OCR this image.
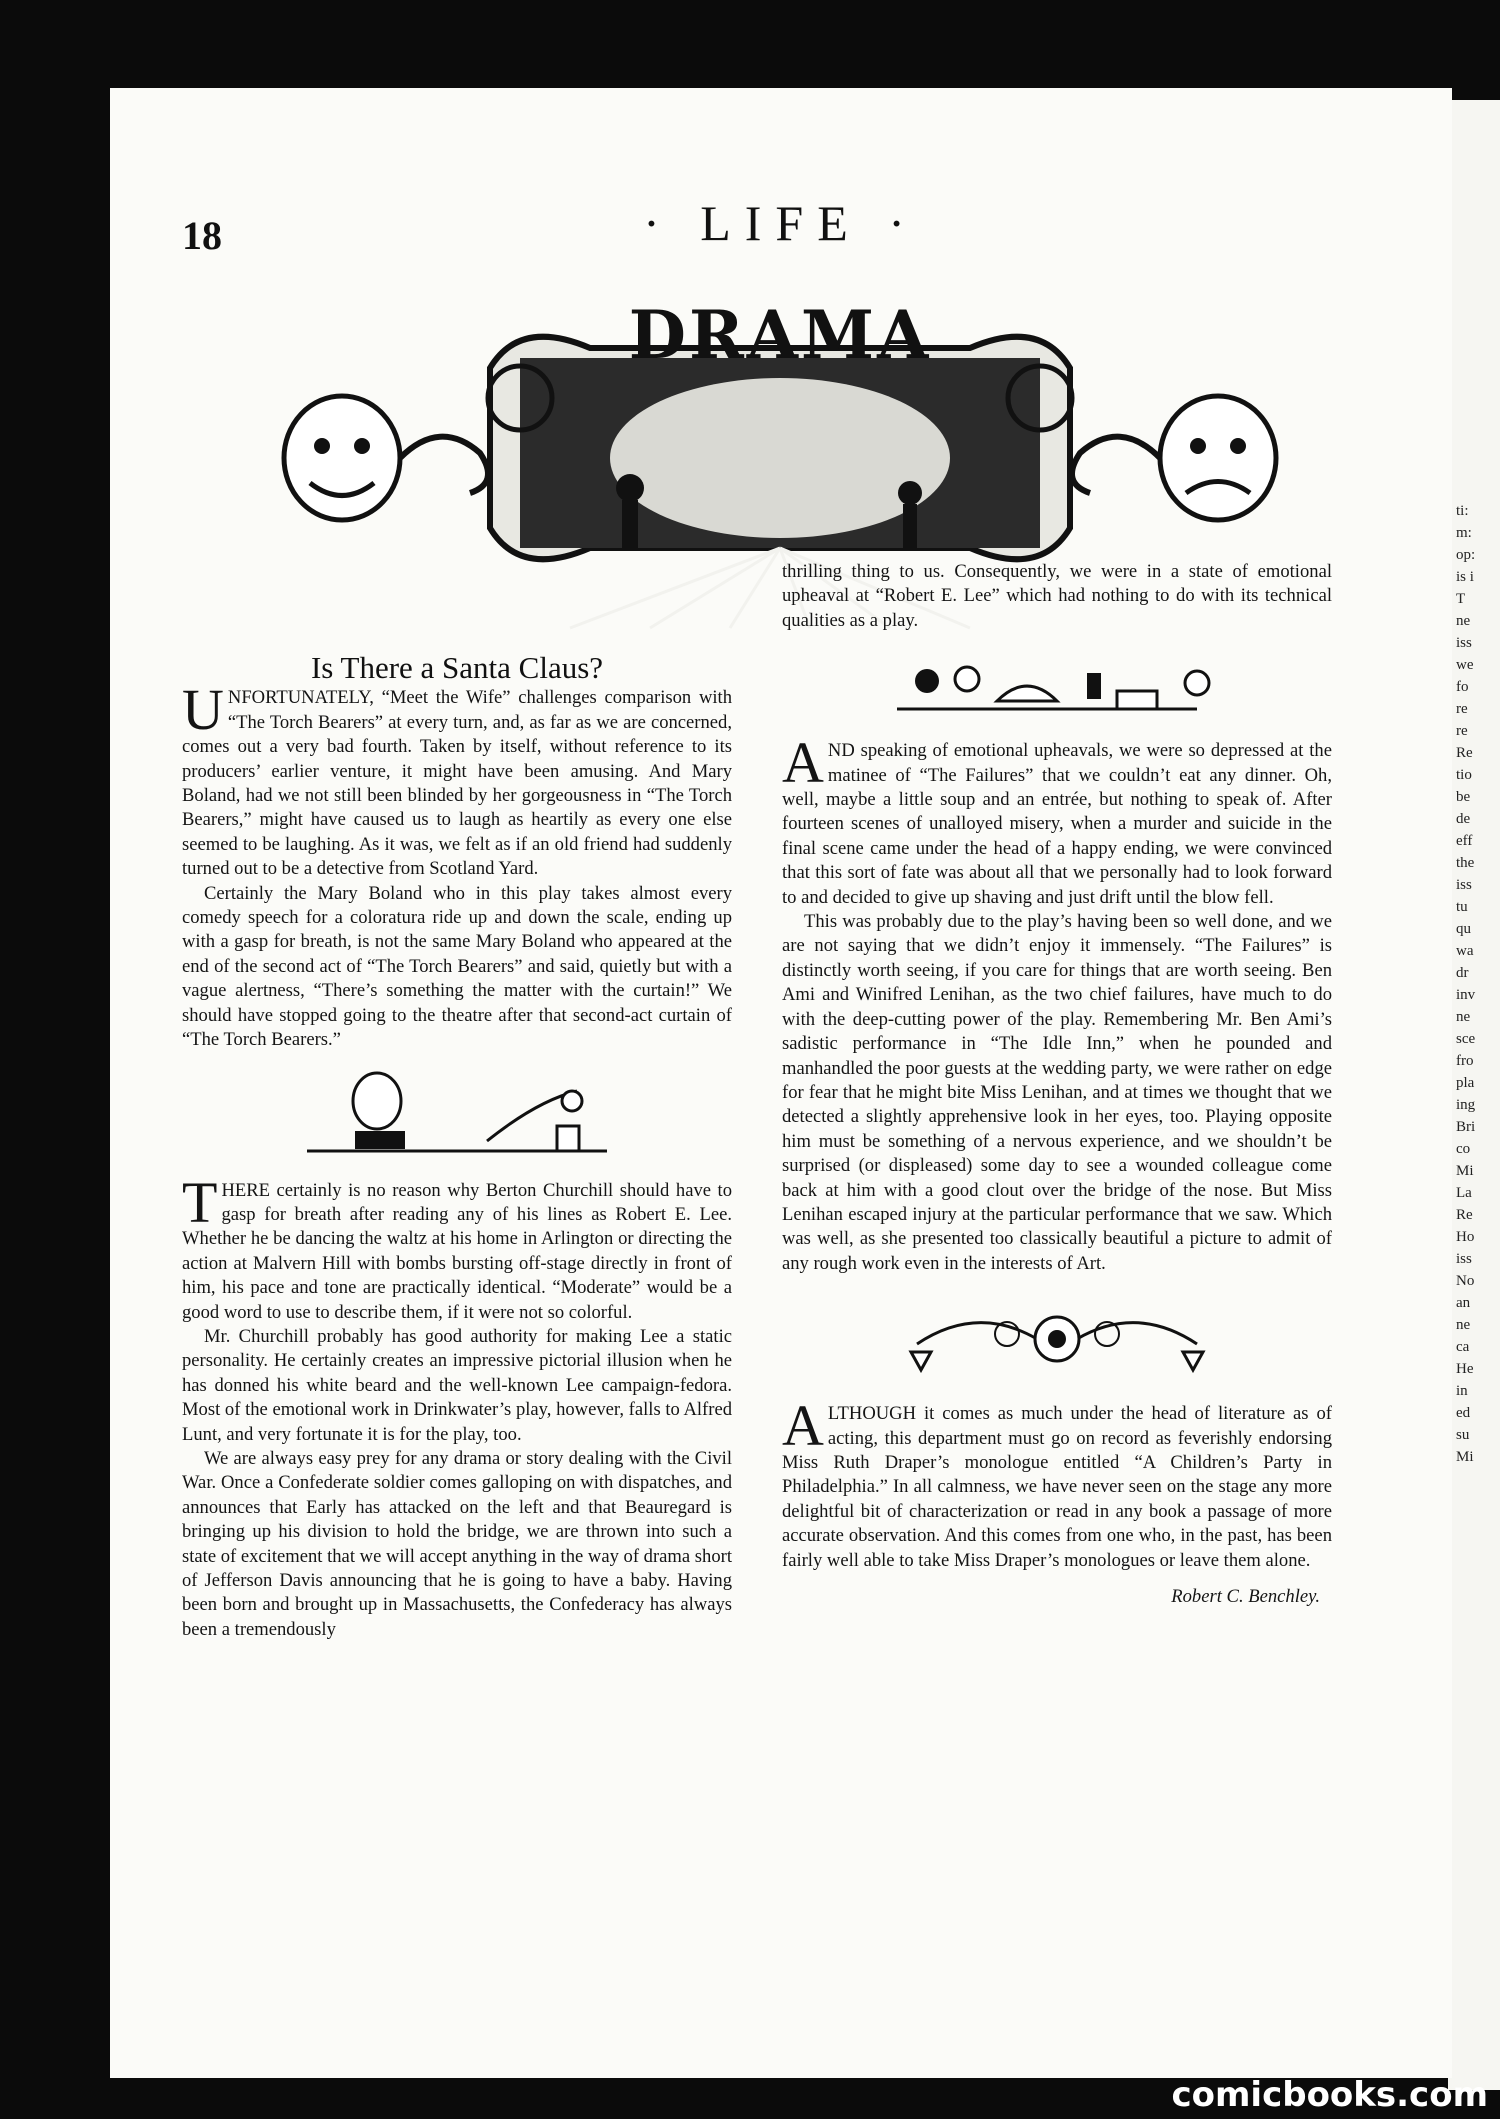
ti:
m:
op:
is i
T
ne
iss
we
fo
re
re
Re
tio
be
de
eff
the
iss
tu
qu
wa
dr
inv
ne
sce
fro
pla
ing
Bri
co
Mi
La
Re
Ho
iss
No
an
ne
ca
He
in
ed
su
Mi
18	· LIFE ·
DRAMA
Is There a Santa Claus?

UNFORTUNATELY, “Meet the Wife” challenges comparison with “The Torch Bearers” at every turn, and, as far as we are concerned, comes out a very bad fourth. Taken by itself, without reference to its producers’ earlier venture, it might have been amusing. And Mary Boland, had we not still been blinded by her gorgeousness in “The Torch Bearers,” might have caused us to laugh as heartily as every one else seemed to be laughing. As it was, we felt as if an old friend had suddenly turned out to be a detective from Scotland Yard.

Certainly the Mary Boland who in this play takes almost every comedy speech for a coloratura ride up and down the scale, ending up with a gasp for breath, is not the same Mary Boland who appeared at the end of the second act of “The Torch Bearers” and said, quietly but with a vague alertness, “There’s something the matter with the curtain!” We should have stopped going to the theatre after that second-act curtain of “The Torch Bearers.”

THERE certainly is no reason why Berton Churchill should have to gasp for breath after reading any of his lines as Robert E. Lee. Whether he be dancing the waltz at his home in Arlington or directing the action at Malvern Hill with bombs bursting off-stage directly in front of him, his pace and tone are practically identical. “Moderate” would be a good word to use to describe them, if it were not so colorful.

Mr. Churchill probably has good authority for making Lee a static personality. He certainly creates an impressive pictorial illusion when he has donned his white beard and the well-known Lee campaign-fedora. Most of the emotional work in Drinkwater’s play, however, falls to Alfred Lunt, and very fortunate it is for the play, too.

We are always easy prey for any drama or story dealing with the Civil War. Once a Confederate soldier comes galloping on with dispatches, and announces that Early has attacked on the left and that Beauregard is bringing up his division to hold the bridge, we are thrown into such a state of excitement that we will accept anything in the way of drama short of Jefferson Davis announcing that he is going to have a baby. Having been born and brought up in Massachusetts, the Confederacy has always been a tremendously

thrilling thing to us. Consequently, we were in a state of emotional upheaval at “Robert E. Lee” which had nothing to do with its technical qualities as a play.

AND speaking of emotional upheavals, we were so depressed at the matinee of “The Failures” that we couldn’t eat any dinner. Oh, well, maybe a little soup and an entrée, but nothing to speak of. After fourteen scenes of unalloyed misery, when a murder and suicide in the final scene came under the head of a happy ending, we were convinced that this sort of fate was about all that we personally had to look forward to and decided to give up shaving and just drift until the blow fell.

This was probably due to the play’s having been so well done, and we are not saying that we didn’t enjoy it immensely. “The Failures” is distinctly worth seeing, if you care for things that are worth seeing. Ben Ami and Winifred Lenihan, as the two chief failures, have much to do with the deep-cutting power of the play. Remembering Mr. Ben Ami’s sadistic performance in “The Idle Inn,” when he pounded and manhandled the poor guests at the wedding party, we were rather on edge for fear that he might bite Miss Lenihan, and at times we thought that we detected a slightly apprehensive look in her eyes, too. Playing opposite him must be something of a nervous experience, and we shouldn’t be surprised (or displeased) some day to see a wounded colleague come back at him with a good clout over the bridge of the nose. But Miss Lenihan escaped injury at the particular performance that we saw. Which was well, as she presented too classically beautiful a picture to admit of any rough work even in the interests of Art.

ALTHOUGH it comes as much under the head of literature as of acting, this department must go on record as feverishly endorsing Miss Ruth Draper’s monologue entitled “A Children’s Party in Philadelphia.” In all calmness, we have never seen on the stage any more delightful bit of characterization or read in any book a passage of more accurate observation. And this comes from one who, in the past, has been fairly well able to take Miss Draper’s monologues or leave them alone.

Robert C. Benchley.
comicbooks.com
